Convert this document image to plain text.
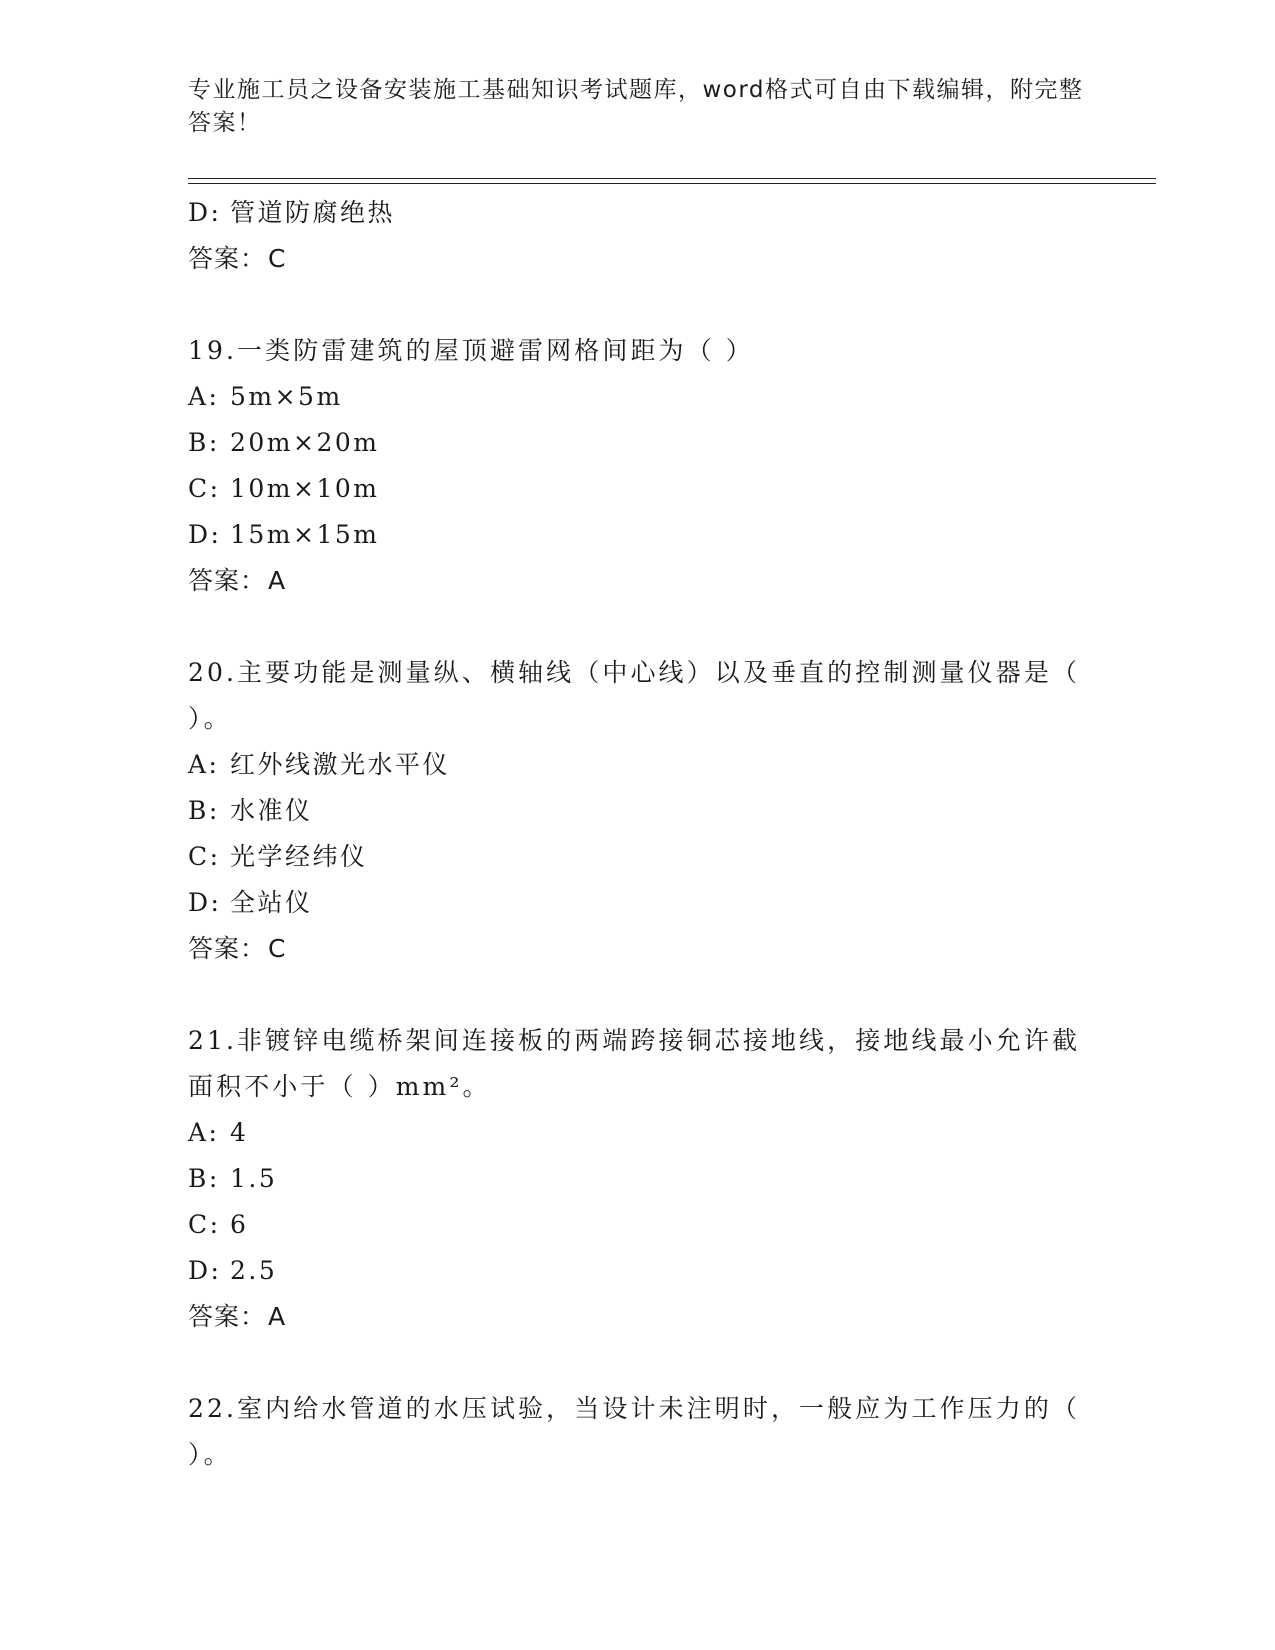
专业施工员之设备安装施工基础知识考试题库，word格式可自由下载编辑，附完整答案！
D: 管道防腐绝热
答案：C
19.一类防雷建筑的屋顶避雷网格间距为（ ）
A: 5m×5m
B: 20m×20m
C: 10m×10m
D: 15m×15m
答案：A
20.主要功能是测量纵、横轴线（中心线）以及垂直的控制测量仪器是（ ）。
A: 红外线激光水平仪
B: 水准仪
C: 光学经纬仪
D: 全站仪
答案：C
21.非镀锌电缆桥架间连接板的两端跨接铜芯接地线，接地线最小允许截面积不小于（ ）mm²。
A: 4
B: 1.5
C: 6
D: 2.5
答案：A
22.室内给水管道的水压试验，当设计未注明时，一般应为工作压力的（ ）。
